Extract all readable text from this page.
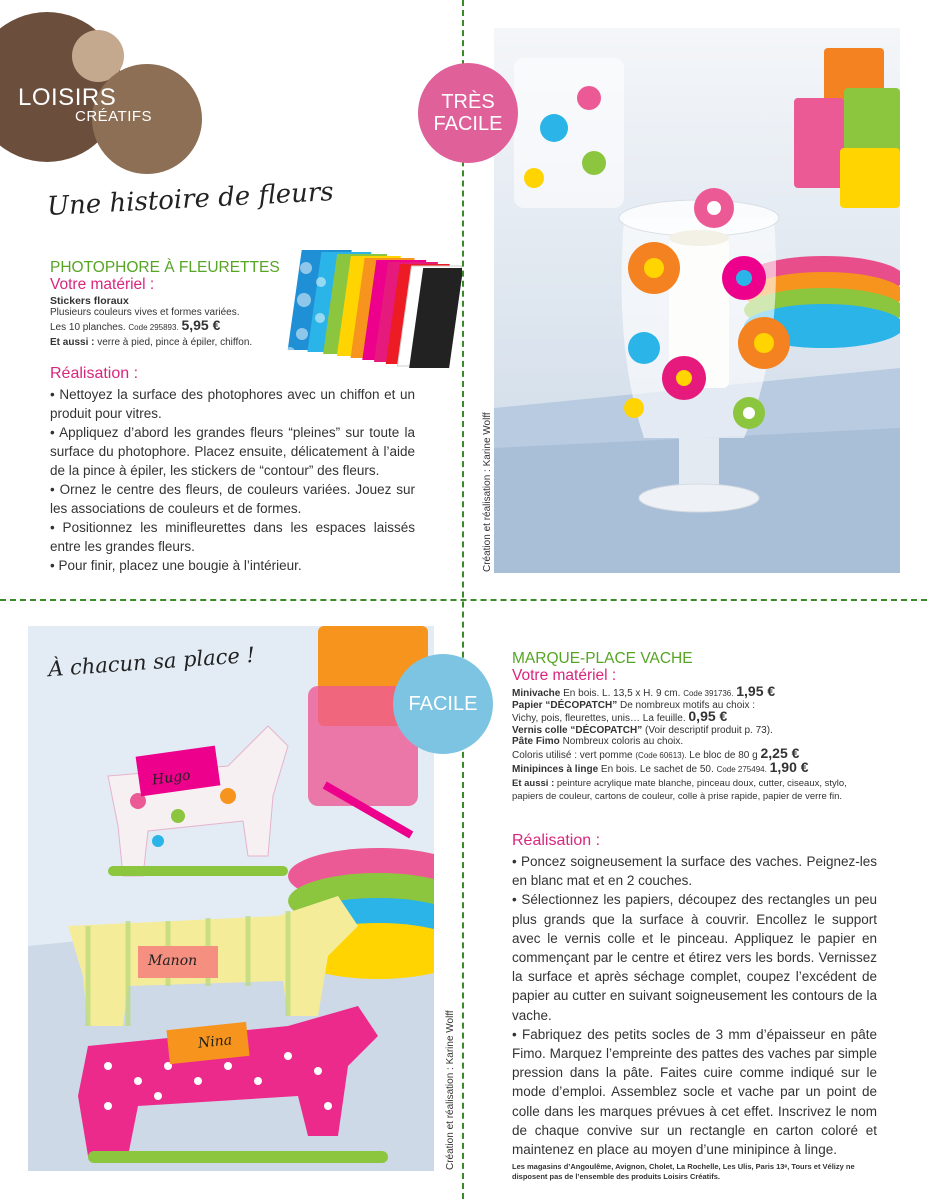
LOISIRS
CRÉATIFS
Une histoire de fleurs
PHOTOPHORE À FLEURETTES
Votre matériel :
Stickers floraux
Plusieurs couleurs vives et formes variées.
Les 10 planches. Code 295893. 5,95 €
Et aussi : verre à pied, pince à épiler, chiffon.
Réalisation :
• Nettoyez la surface des photophores avec un chiffon et un produit pour vitres.
• Appliquez d’abord les grandes fleurs “pleines” sur toute la surface du photophore. Placez ensuite, délicatement à l’aide de la pince à épiler, les stickers de “contour” des fleurs.
• Ornez le centre des fleurs, de couleurs variées. Jouez sur les associations de couleurs et de formes.
• Positionnez les minifleurettes dans les espaces laissés entre les grandes fleurs.
• Pour finir, placez une bougie à l’intérieur.
TRÈS
FACILE
Création et réalisation : Karine Wolff
À chacun sa place !
Hugo
Manon
Nina
FACILE
Création et réalisation : Karine Wolff
MARQUE-PLACE VACHE
Votre matériel :
Minivache En bois. L. 13,5 x H. 9 cm. Code 391736. 1,95 €
Papier “DÉCOPATCH” De nombreux motifs au choix :
Vichy, pois, fleurettes, unis… La feuille. 0,95 €
Vernis colle “DÉCOPATCH” (Voir descriptif produit p. 73).
Pâte Fimo Nombreux coloris au choix.
Coloris utilisé : vert pomme (Code 60613). Le bloc de 80 g 2,25 €
Minipinces à linge En bois. Le sachet de 50. Code 275494. 1,90 €
Et aussi : peinture acrylique mate blanche, pinceau doux, cutter, ciseaux, stylo, papiers de couleur, cartons de couleur, colle à prise rapide, papier de verre fin.
Réalisation :
• Poncez soigneusement la surface des vaches. Peignez-les en blanc mat et en 2 couches.
• Sélectionnez les papiers, découpez des rectangles un peu plus grands que la surface à couvrir. Encollez le support avec le vernis colle et le pinceau. Appliquez le papier en commençant par le centre et étirez vers les bords. Vernissez la surface et après séchage complet, coupez l’excédent de papier au cutter en suivant soigneusement les contours de la vache.
• Fabriquez des petits socles de 3 mm d’épaisseur en pâte Fimo. Marquez l’empreinte des pattes des vaches par simple pression dans la pâte. Faites cuire comme indiqué sur le mode d’emploi. Assemblez socle et vache par un point de colle dans les marques prévues à cet effet. Inscrivez le nom de chaque convive sur un rectangle en carton coloré et maintenez en place au moyen d’une minipince à linge.
Les magasins d’Angoulême, Avignon, Cholet, La Rochelle, Les Ulis, Paris 13ᵉ, Tours et Vélizy ne disposent pas de l’ensemble des produits Loisirs Créatifs.
